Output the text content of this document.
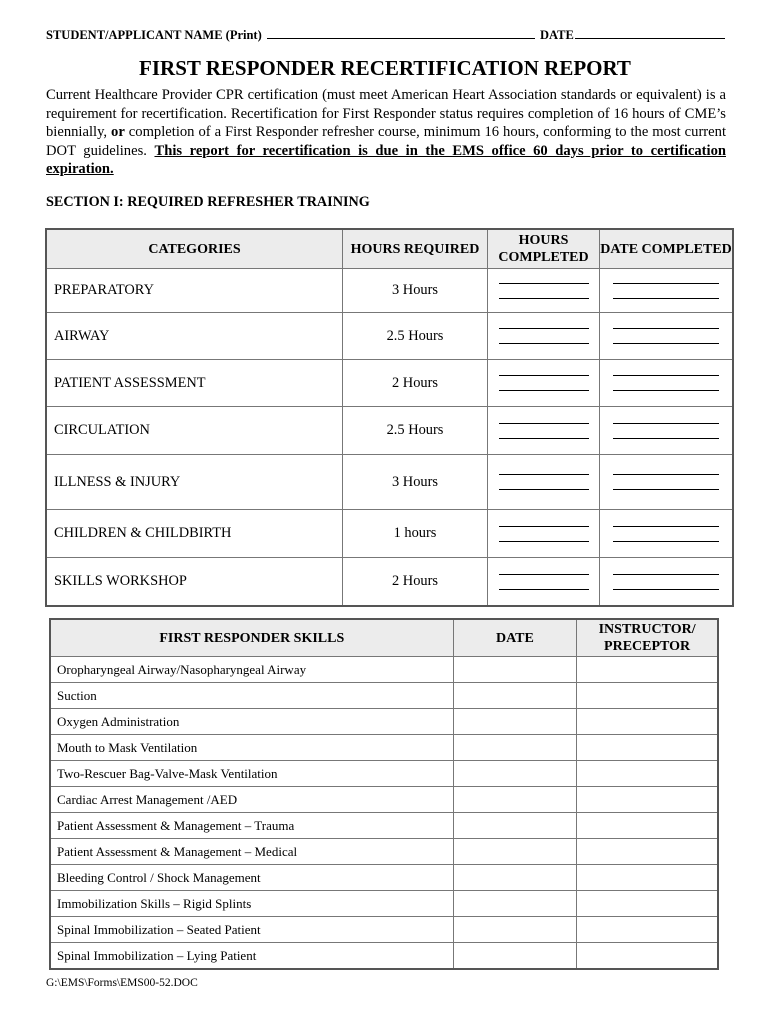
STUDENT/APPLICANT NAME (Print)	DATE
FIRST RESPONDER RECERTIFICATION REPORT

Current Healthcare Provider CPR certification (must meet American Heart Association standards or equivalent) is a requirement for recertification. Recertification for First Responder status requires completion of 16 hours of CME’s biennially, or completion of a First Responder refresher course, minimum 16 hours, conforming to the most current DOT guidelines. This report for recertification is due in the EMS office 60 days prior to certification expiration.

SECTION I: REQUIRED REFRESHER TRAINING
CATEGORIES	HOURS REQUIRED	HOURS COMPLETED	DATE COMPLETED
PREPARATORY	3 Hours	

AIRWAY	2.5 Hours	

PATIENT ASSESSMENT	2 Hours	

CIRCULATION	2.5 Hours	

ILLNESS & INJURY	3 Hours	

CHILDREN & CHILDBIRTH	1 hours	

SKILLS WORKSHOP	2 Hours	

FIRST RESPONDER SKILLS	DATE	INSTRUCTOR/ PRECEPTOR
Oropharyngeal Airway/Nasopharyngeal Airway		
Suction		
Oxygen Administration		
Mouth to Mask Ventilation		
Two-Rescuer Bag-Valve-Mask Ventilation		
Cardiac Arrest Management /AED		
Patient Assessment & Management – Trauma		
Patient Assessment & Management – Medical		
Bleeding Control / Shock Management		
Immobilization Skills – Rigid Splints		
Spinal Immobilization – Seated Patient		
Spinal Immobilization – Lying Patient		

G:\EMS\Forms\EMS00-52.DOC
